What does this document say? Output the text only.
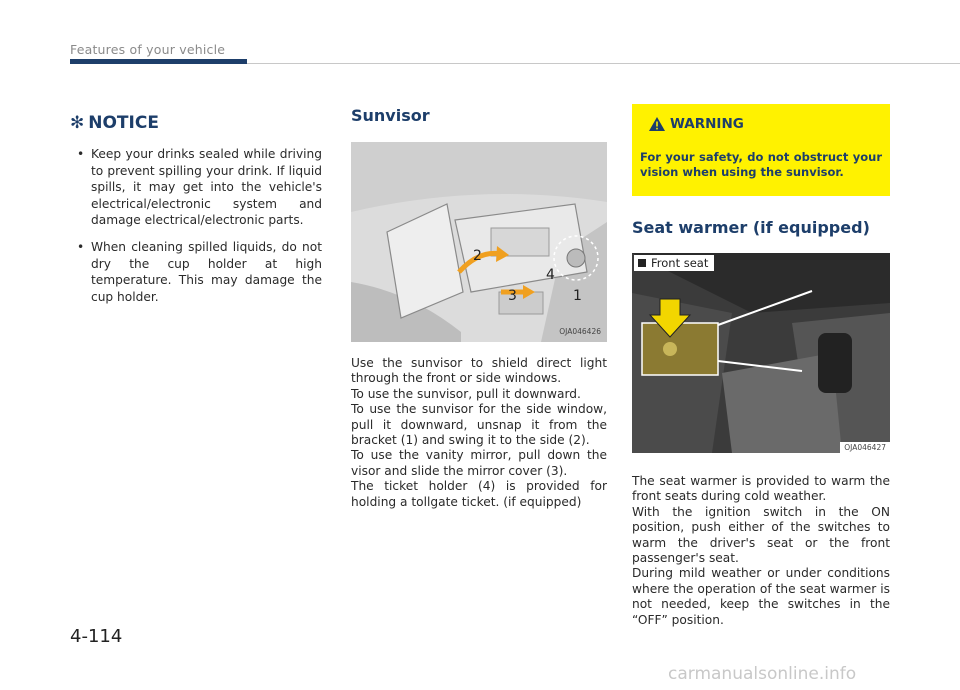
Features of your vehicle
✻ NOTICE
• Keep your drinks sealed while driving to prevent spilling your drink. If liquid spills, it may get into the vehicle's electrical/electronic system and damage electrical/electronic parts.
• When cleaning spilled liquids, do not dry the cup holder at high temperature. This may damage the cup holder.
Sunvisor
2
4
3	1
OJA046426

Use the sunvisor to shield direct light through the front or side windows.

To use the sunvisor, pull it downward.

To use the sunvisor for the side window, pull it downward, unsnap it from the bracket (1) and swing it to the side (2).

To use the vanity mirror, pull down the visor and slide the mirror cover (3).

The ticket holder (4) is provided for holding a tollgate ticket. (if equipped)

WARNING
For your safety, do not obstruct your vision when using the sunvisor.
Seat warmer (if equipped)
Front seat
OJA046427

The seat warmer is provided to warm the front seats during cold weather.

With the ignition switch in the ON position, push either of the switches to warm the driver's seat or the front passenger's seat.

During mild weather or under conditions where the operation of the seat warmer is not needed, keep the switches in the “OFF” position.

4-114
carmanualsonline.info
